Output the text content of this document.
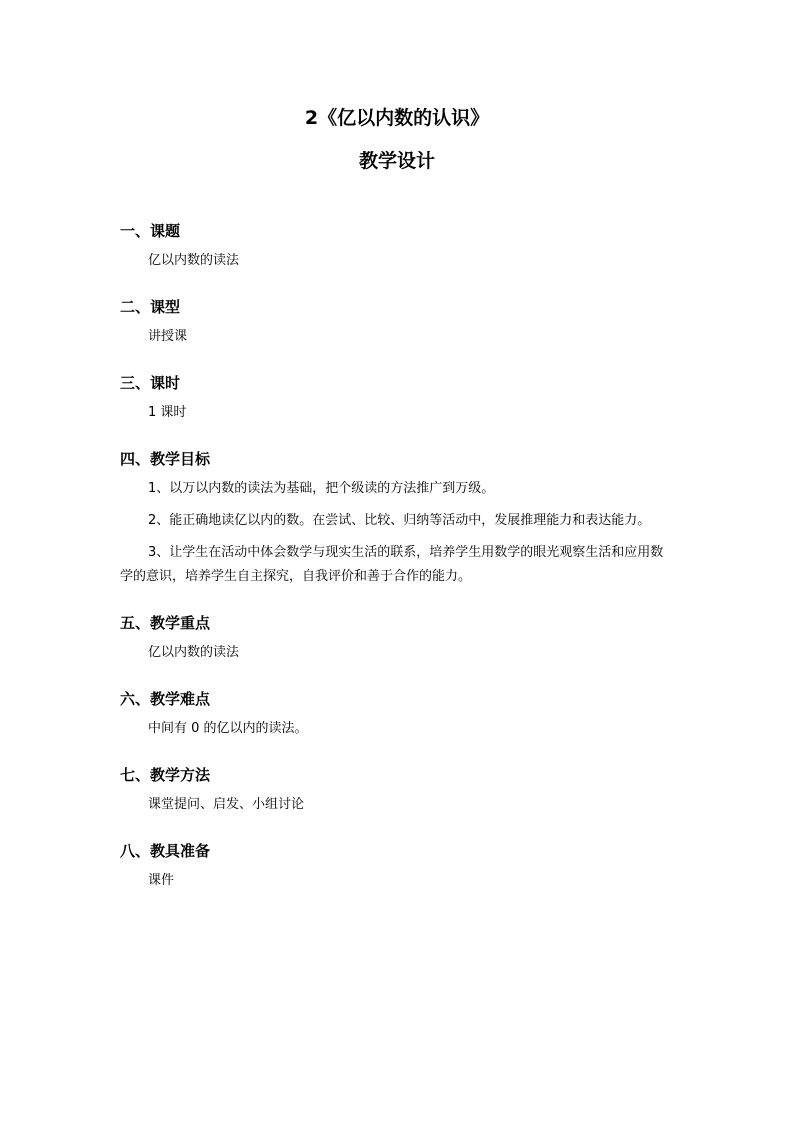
2《亿以内数的认识》
教学设计
一、课题

亿以内数的读法

二、课型

讲授课

三、课时

1 课时

四、教学目标

1、以万以内数的读法为基础，把个级读的方法推广到万级。

2、能正确地读亿以内的数。在尝试、比较、归纳等活动中，发展推理能力和表达能力。

3、让学生在活动中体会数学与现实生活的联系，培养学生用数学的眼光观察生活和应用数学的意识，培养学生自主探究，自我评价和善于合作的能力。

五、教学重点

亿以内数的读法

六、教学难点

中间有 0 的亿以内的读法。

七、教学方法

课堂提问、启发、小组讨论

八、教具准备

课件
